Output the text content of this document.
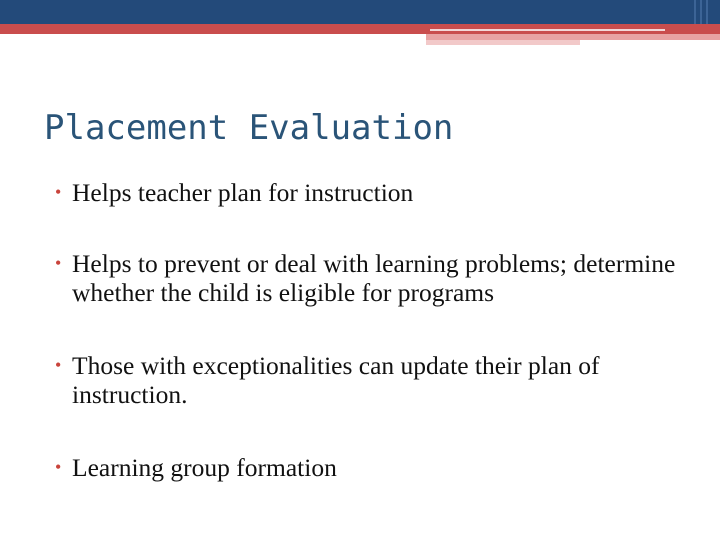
Placement Evaluation
• Helps teacher plan for instruction
• Helps to prevent or deal with learning problems; determine whether the child is eligible for programs
• Those with exceptionalities can update their plan of instruction.
• Learning group formation
